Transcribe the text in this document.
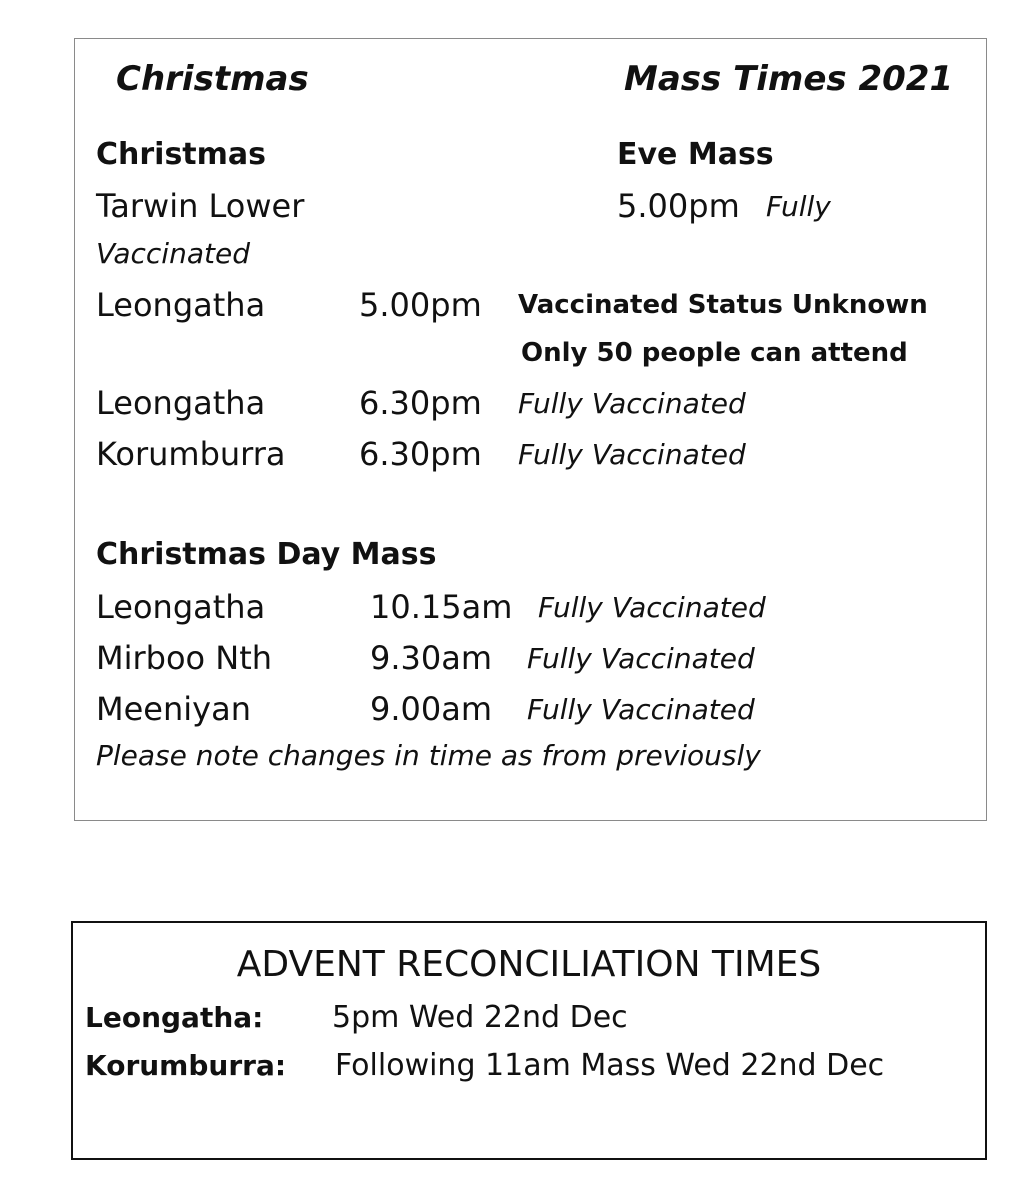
Christmas	Mass Times 2021
Christmas	Eve Mass
Tarwin Lower	5.00pm Fully
Vaccinated
Leongatha	5.00pm Vaccinated Status Unknown
Only 50 people can attend
Leongatha	6.30pm Fully Vaccinated
Korumburra 6.30pm Fully Vaccinated
Christmas Day Mass
Leongatha	10.15am Fully Vaccinated
Mirboo Nth	9.30am Fully Vaccinated
Meeniyan	9.00am Fully Vaccinated
Please note changes in time as from previously
ADVENT RECONCILIATION TIMES
Leongatha: 5pm Wed 22nd Dec
Korumburra: Following 11am Mass Wed 22nd Dec
